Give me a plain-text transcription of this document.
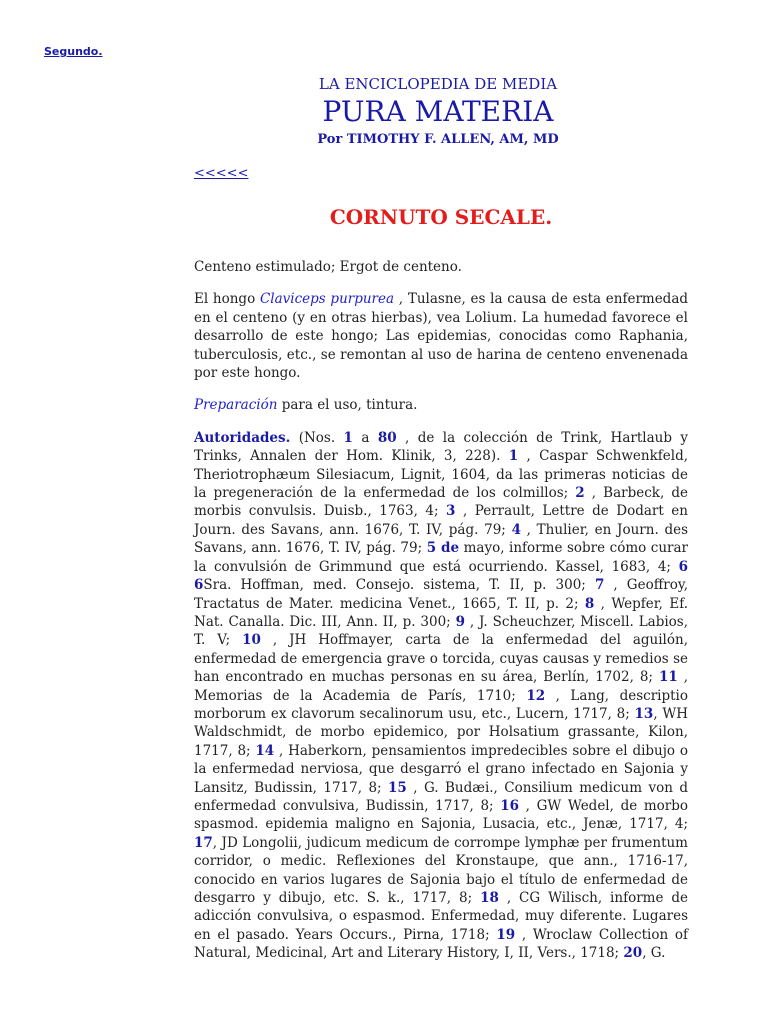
Segundo.
LA ENCICLOPEDIA DE MEDIA
PURA MATERIA
Por TIMOTHY F. ALLEN, AM, MD
<<<<<
CORNUTO SECALE.

Centeno estimulado; Ergot de centeno.

El hongo Claviceps purpurea , Tulasne, es la causa de esta enfermedad en el centeno (y en otras hierbas), vea Lolium. La humedad favorece el desarrollo de este hongo; Las epidemias, conocidas como Raphania, tuberculosis, etc., se remontan al uso de harina de centeno envenenada por este hongo.

Preparación para el uso, tintura.

Autoridades. (Nos. 1 a 80 , de la colección de Trink, Hartlaub y Trinks, Annalen der Hom. Klinik, 3, 228). 1 , Caspar Schwenkfeld, Theriotrophæum Silesiacum, Lignit, 1604, da las primeras noticias de la pregeneración de la enfermedad de los colmillos; 2 , Barbeck, de morbis convulsis. Duisb., 1763, 4; 3 , Perrault, Lettre de Dodart en Journ. des Savans, ann. 1676, T. IV, pág. 79; 4 , Thulier, en Journ. des Savans, ann. 1676, T. IV, pág. 79; 5 de mayo, informe sobre cómo curar la convulsión de Grimmund que está ocurriendo. Kassel, 1683, 4; 6 6Sra. Hoffman, med. Consejo. sistema, T. II, p. 300; 7 , Geoffroy, Tractatus de Mater. medicina Venet., 1665, T. II, p. 2; 8 , Wepfer, Ef. Nat. Canalla. Dic. III, Ann. II, p. 300; 9 , J. Scheuchzer, Miscell. Labios, T. V; 10 , JH Hoffmayer, carta de la enfermedad del aguilón, enfermedad de emergencia grave o torcida, cuyas causas y remedios se han encontrado en muchas personas en su área, Berlín, 1702, 8; 11 , Memorias de la Academia de París, 1710; 12 , Lang, descriptio morborum ex clavorum secalinorum usu, etc., Lucern, 1717, 8; 13, WH Waldschmidt, de morbo epidemico, por Holsatium grassante, Kilon, 1717, 8; 14 , Haberkorn, pensamientos impredecibles sobre el dibujo o la enfermedad nerviosa, que desgarró el grano infectado en Sajonia y Lansitz, Budissin, 1717, 8; 15 , G. Budæi., Consilium medicum von d enfermedad convulsiva, Budissin, 1717, 8; 16 , GW Wedel, de morbo spasmod. epidemia maligno en Sajonia, Lusacia, etc., Jenæ, 1717, 4; 17, JD Longolii, judicum medicum de corrompe lymphæ per frumentum corridor, o medic. Reflexiones del Kronstaupe, que ann., 1716-17, conocido en varios lugares de Sajonia bajo el título de enfermedad de desgarro y dibujo, etc. S. k., 1717, 8; 18 , CG Wilisch, informe de adicción convulsiva, o espasmod. Enfermedad, muy diferente. Lugares en el pasado. Years Occurs., Pirna, 1718; 19 , Wroclaw Collection of Natural, Medicinal, Art and Literary History, I, II, Vers., 1718; 20, G.
